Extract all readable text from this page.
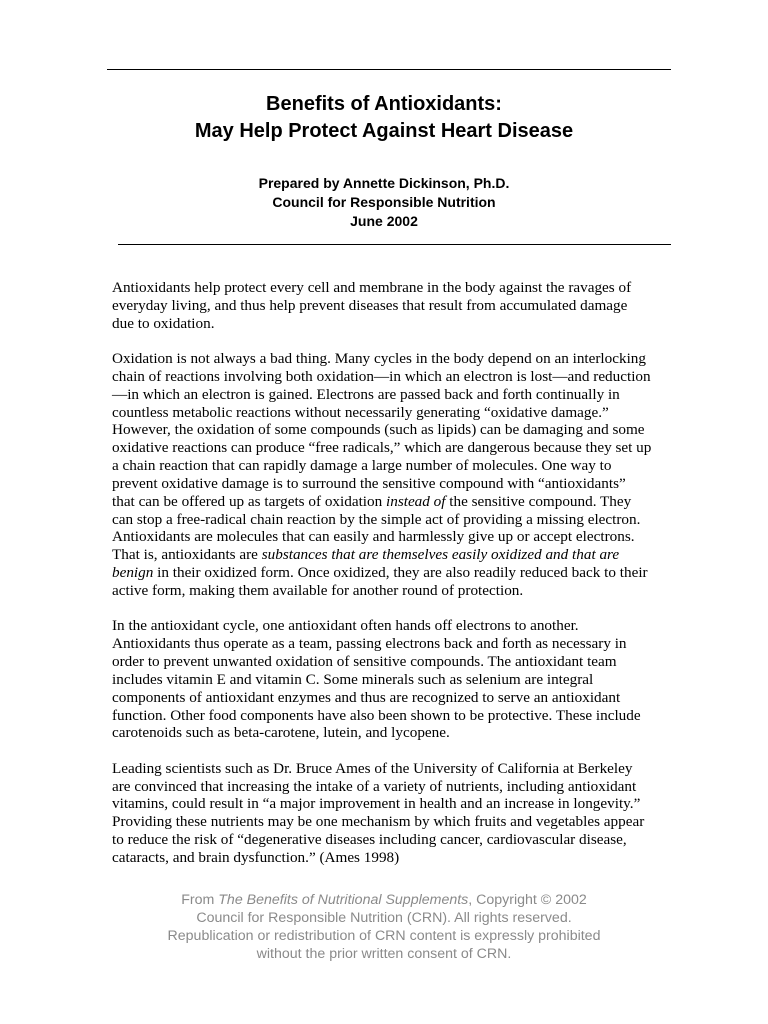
Benefits of Antioxidants:
May Help Protect Against Heart Disease
Prepared by Annette Dickinson, Ph.D.
Council for Responsible Nutrition
June 2002

Antioxidants help protect every cell and membrane in the body against the ravages of everyday living, and thus help prevent diseases that result from accumulated damage due to oxidation.

Oxidation is not always a bad thing. Many cycles in the body depend on an interlocking chain of reactions involving both oxidation—in which an electron is lost—and reduction—in which an electron is gained. Electrons are passed back and forth continually in countless metabolic reactions without necessarily generating “oxidative damage.” However, the oxidation of some compounds (such as lipids) can be damaging and some oxidative reactions can produce “free radicals,” which are dangerous because they set up a chain reaction that can rapidly damage a large number of molecules. One way to prevent oxidative damage is to surround the sensitive compound with “antioxidants” that can be offered up as targets of oxidation instead of the sensitive compound. They can stop a free-radical chain reaction by the simple act of providing a missing electron. Antioxidants are molecules that can easily and harmlessly give up or accept electrons. That is, antioxidants are substances that are themselves easily oxidized and that are benign in their oxidized form. Once oxidized, they are also readily reduced back to their active form, making them available for another round of protection.

In the antioxidant cycle, one antioxidant often hands off electrons to another. Antioxidants thus operate as a team, passing electrons back and forth as necessary in order to prevent unwanted oxidation of sensitive compounds. The antioxidant team includes vitamin E and vitamin C. Some minerals such as selenium are integral components of antioxidant enzymes and thus are recognized to serve an antioxidant function. Other food components have also been shown to be protective. These include carotenoids such as beta-carotene, lutein, and lycopene.

Leading scientists such as Dr. Bruce Ames of the University of California at Berkeley are convinced that increasing the intake of a variety of nutrients, including antioxidant vitamins, could result in “a major improvement in health and an increase in longevity.” Providing these nutrients may be one mechanism by which fruits and vegetables appear to reduce the risk of “degenerative diseases including cancer, cardiovascular disease, cataracts, and brain dysfunction.” (Ames 1998)

From The Benefits of Nutritional Supplements, Copyright © 2002
Council for Responsible Nutrition (CRN). All rights reserved.
Republication or redistribution of CRN content is expressly prohibited
without the prior written consent of CRN.
